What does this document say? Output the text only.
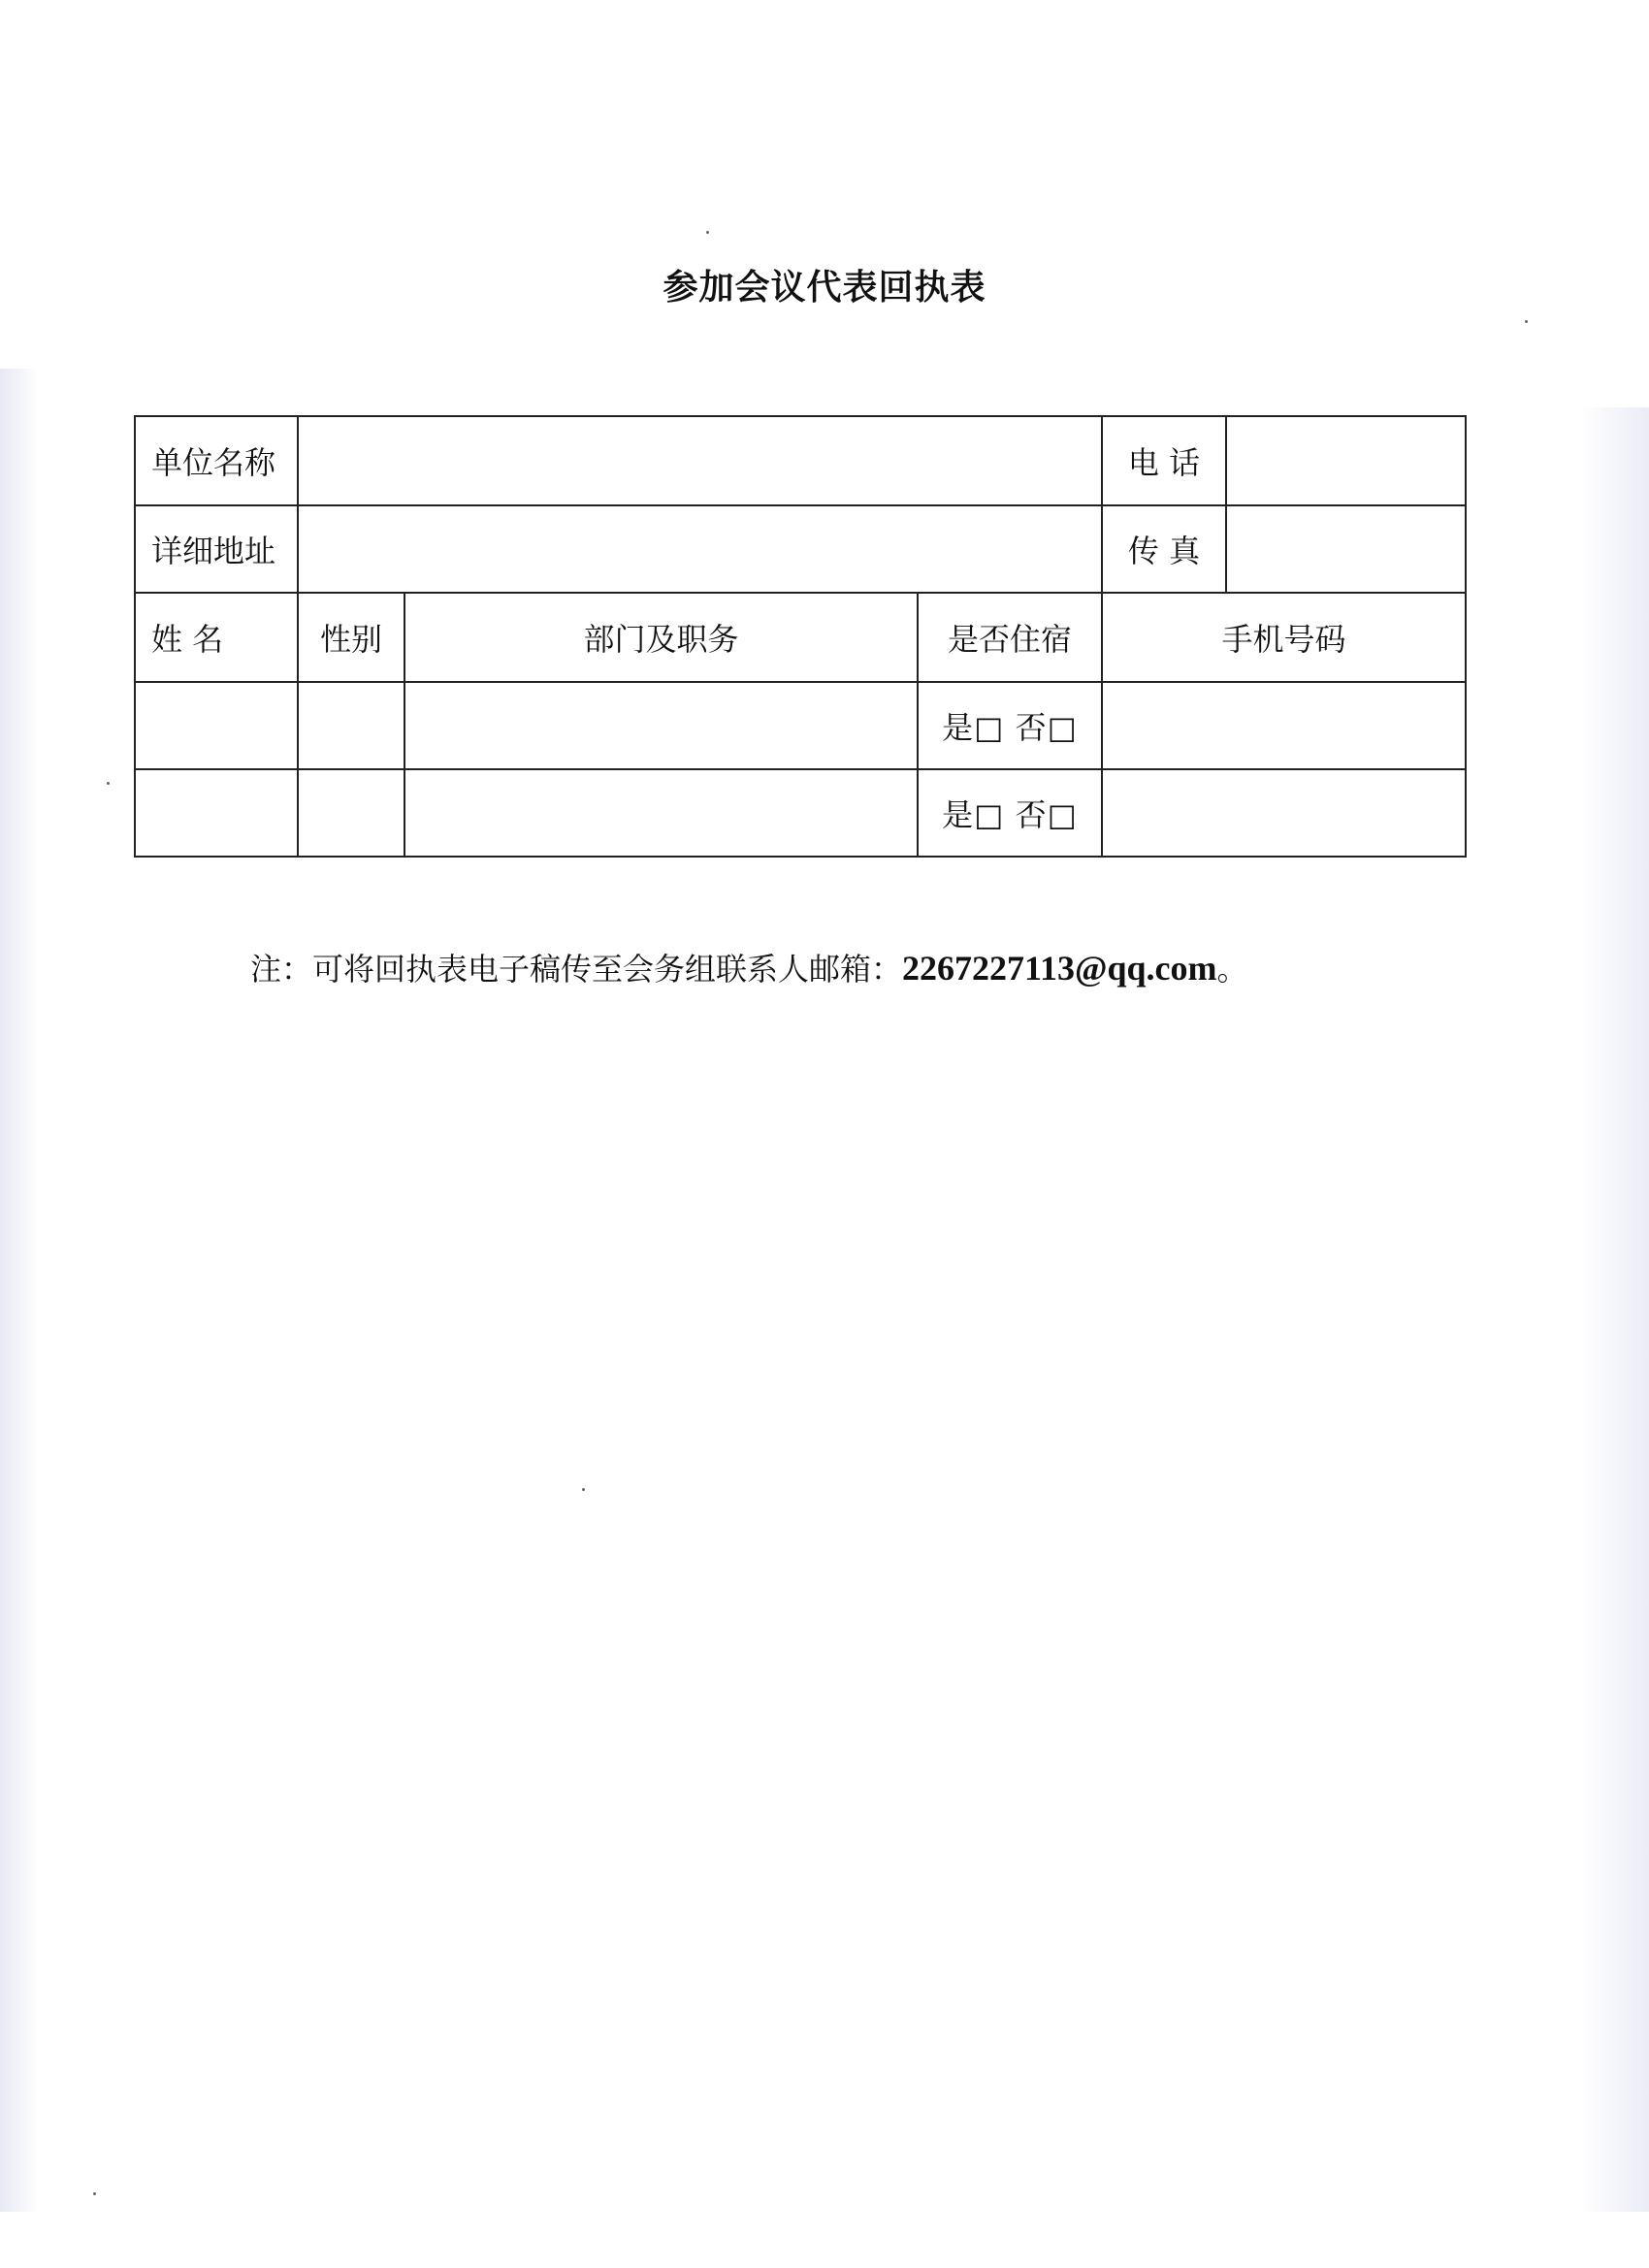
参加会议代表回执表
单位名称				电 话	
详细地址				传 真	
姓 名	性别	部门及职务	是否住宿	手机号码	
			是□ 否□		
			是□ 否□		
注：可将回执表电子稿传至会务组联系人邮箱：2267227113@qq.com。
